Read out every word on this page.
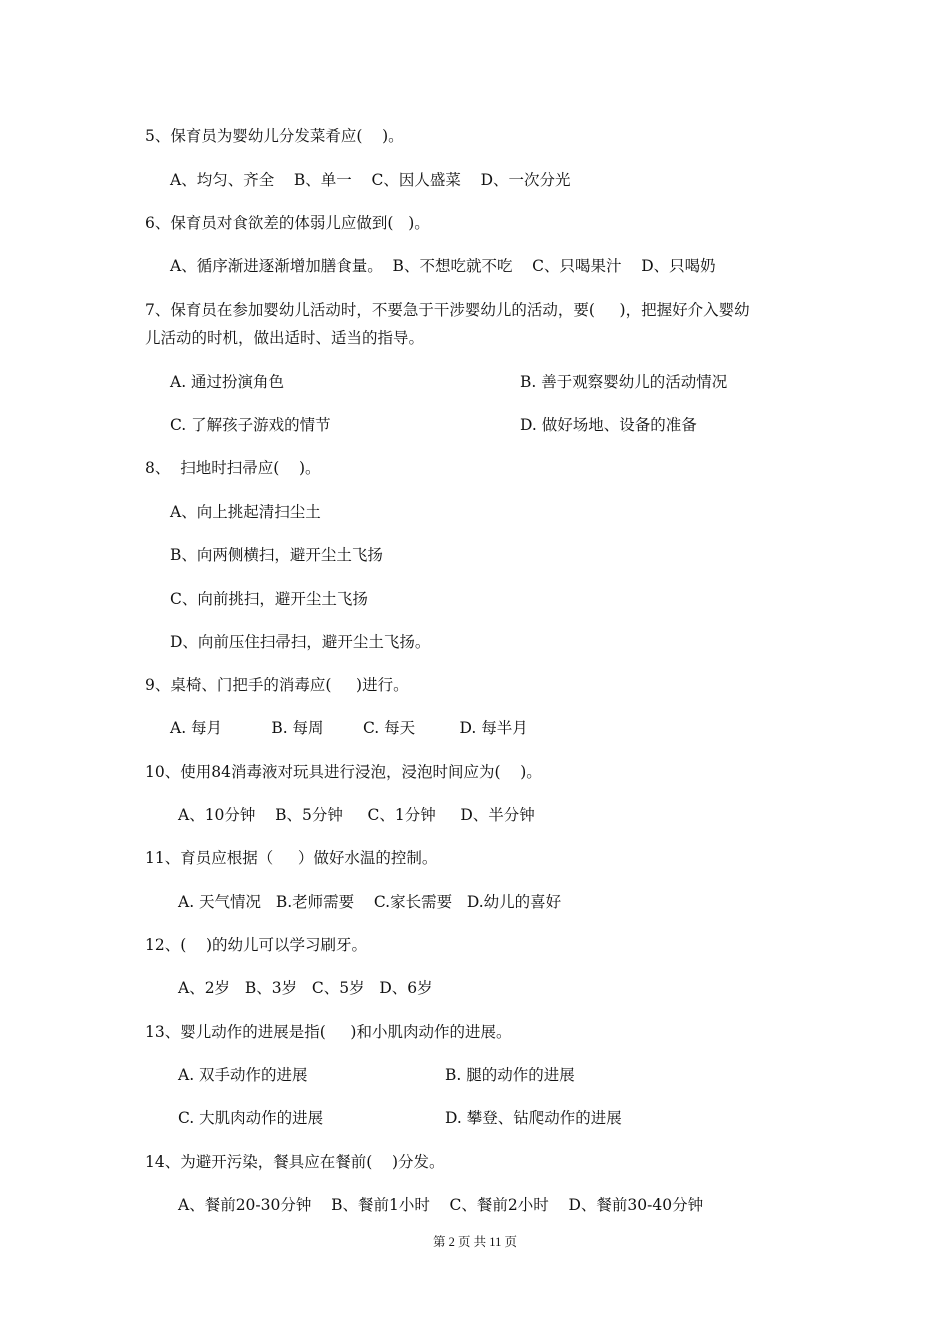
5、保育员为婴幼儿分发菜肴应(    )。
A、均匀、齐全    B、单一    C、因人盛菜    D、一次分光
6、保育员对食欲差的体弱儿应做到(   )。
A、循序渐进逐渐增加膳食量。  B、不想吃就不吃    C、只喝果汁    D、只喝奶
7、保育员在参加婴幼儿活动时，不要急于干涉婴幼儿的活动，要(     )，把握好介入婴幼
儿活动的时机，做出适时、适当的指导。
A. 通过扮演角色	B. 善于观察婴幼儿的活动情况
C. 了解孩子游戏的情节	D. 做好场地、设备的准备
8、  扫地时扫帚应(    )。
A、向上挑起清扫尘土
B、向两侧横扫，避开尘土飞扬
C、向前挑扫，避开尘土飞扬
D、向前压住扫帚扫，避开尘土飞扬。
9、桌椅、门把手的消毒应(     )进行。
A. 每月          B. 每周        C. 每天         D. 每半月
10、使用84消毒液对玩具进行浸泡，浸泡时间应为(    )。
A、10分钟    B、5分钟     C、1分钟     D、半分钟
11、育员应根据（     ）做好水温的控制。
A. 天气情况   B.老师需要    C.家长需要   D.幼儿的喜好
12、(    )的幼儿可以学习刷牙。
A、2岁   B、3岁   C、5岁   D、6岁
13、婴儿动作的进展是指(     )和小肌肉动作的进展。
A. 双手动作的进展	B. 腿的动作的进展
C. 大肌肉动作的进展	D. 攀登、钻爬动作的进展
14、为避开污染，餐具应在餐前(    )分发。
A、餐前20-30分钟    B、餐前1小时    C、餐前2小时    D、餐前30-40分钟
第 2 页 共 11 页
